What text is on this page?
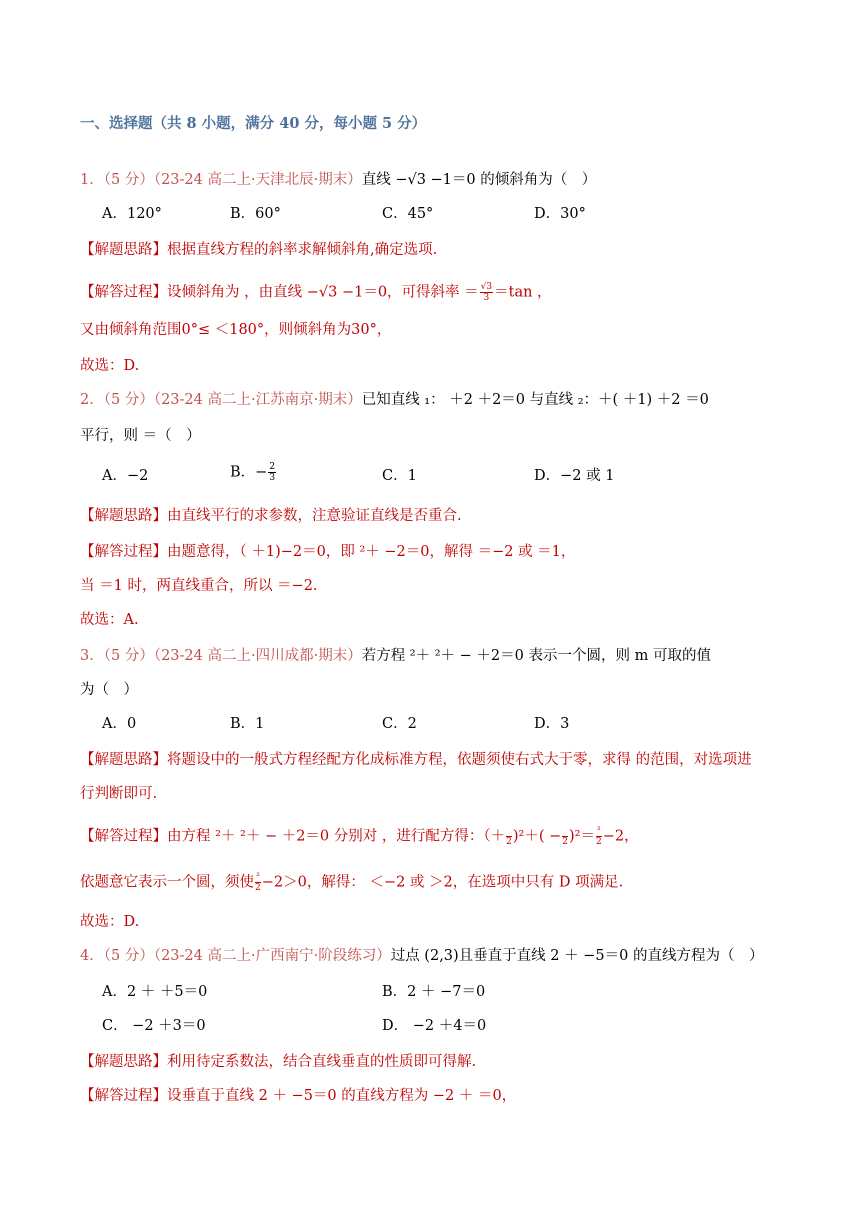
一、选择题（共 8 小题，满分 40 分，每小题 5 分）
1．（5 分）（23-24 高二上·天津北辰·期末）直线 −√3 −1＝0 的倾斜角为（　）
A．120°	B．60°	C．45°	D．30°
【解题思路】根据直线方程的斜率求解倾斜角,确定选项.
【解答过程】设倾斜角为 ，由直线 −√3 −1＝0，可得斜率 ＝ $\frac{√3}{3} =\tan$ ，
又由倾斜角范围0°≤ ＜180°，则倾斜角为30°，
故选：D.
2．（5 分）（23-24 高二上·江苏南京·期末）已知直线 ₁： ＋2 ＋2＝0 与直线 ₂：＋( ＋1) ＋2 ＝0
平行，则 ＝（　）
A．−2	B．− $\frac{2}{3}$	C．1	D．−2 或 1
【解题思路】由直线平行的求参数，注意验证直线是否重合.
【解答过程】由题意得，（ ＋1)−2＝0，即 ²＋ −2＝0，解得 ＝−2 或 ＝1，
当 ＝1 时，两直线重合，所以 ＝−2.
故选：A.
3．（5 分）（23-24 高二上·四川成都·期末）若方程 ²＋ ²＋ − ＋2＝0 表示一个圆，则 m 可取的值
为（　）
A．0	B．1	C．2	D．3
【解题思路】将题设中的一般式方程经配方化成标准方程，依题须使右式大于零，求得 的范围，对选项进
行判断即可.
【解答过程】由方程 ²＋ ²＋ − ＋2＝0 分别对 ，进行配方得：（＋
2 )²＋( −
2 )$^2= \frac{\text{²}}{2} -2$，
依题意它表示一个圆，须使 $\frac{\text{²}}{2} -2>0$，解得： ＜−2 或 ＞2，在选项中只有 D 项满足.
故选：D.
4．（5 分）（23-24 高二上·广西南宁·阶段练习）过点 (2,3)且垂直于直线 2 ＋ −5＝0 的直线方程为（　）
A．2 ＋ ＋5＝0	B．2 ＋ −7＝0
C． −2 ＋3＝0	D． −2 ＋4＝0
【解题思路】利用待定系数法，结合直线垂直的性质即可得解.
【解答过程】设垂直于直线 2 ＋ −5＝0 的直线方程为 −2 ＋ ＝0，
